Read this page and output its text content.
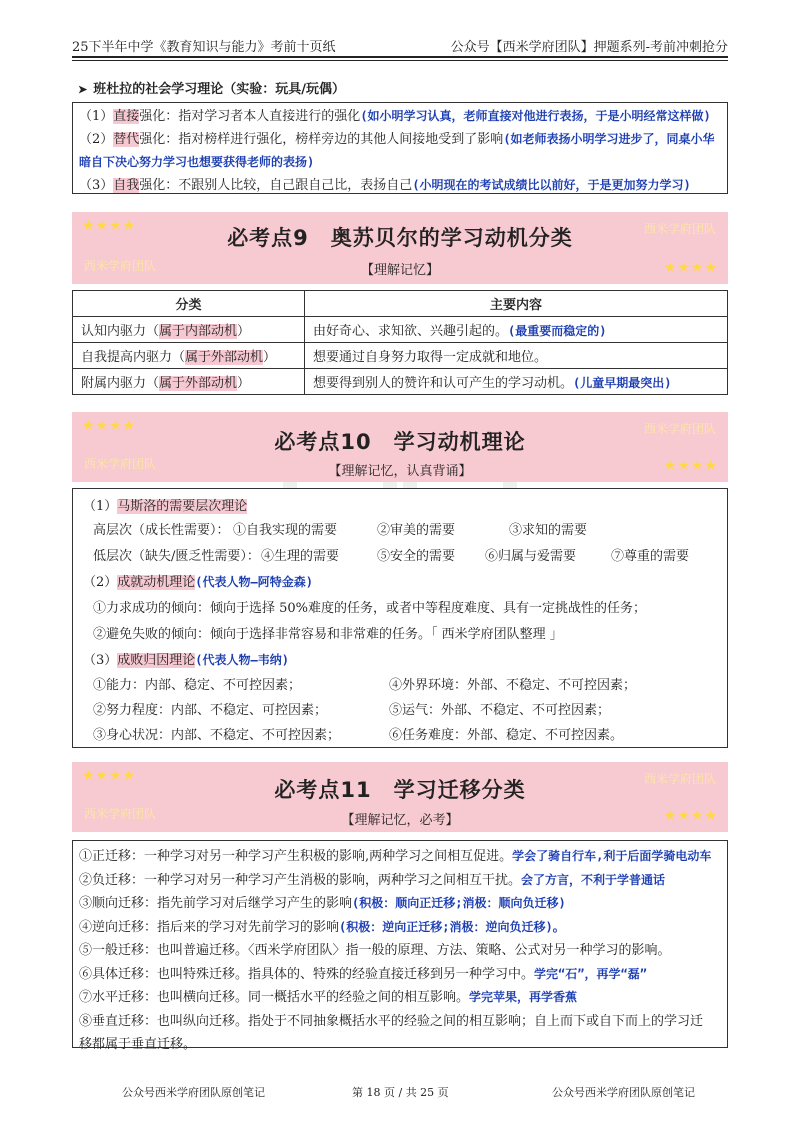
25下半年中学《教育知识与能力》考前十页纸	公众号【西米学府团队】押题系列-考前冲刺抢分
➤ 班杜拉的社会学习理论（实验：玩具/玩偶）
（1）直接强化：指对学习者本人直接进行的强化(如小明学习认真，老师直接对他进行表扬，于是小明经常这样做)
（2）替代强化：指对榜样进行强化，榜样旁边的其他人间接地受到了影响(如老师表扬小明学习进步了，同桌小华暗自下决心努力学习也想要获得老师的表扬)
（3）自我强化：不跟别人比较，自己跟自己比，表扬自己(小明现在的考试成绩比以前好，于是更加努力学习)
★★★★	西米学府团队
必考点9　奥苏贝尔的学习动机分类
【理解记忆】
西米学府团队	★★★★
分类	主要内容
认知内驱力（属于内部动机）	由好奇心、求知欲、兴趣引起的。(最重要而稳定的)
自我提高内驱力（属于外部动机）	想要通过自身努力取得一定成就和地位。
附属内驱力（属于外部动机）	想要得到别人的赞许和认可产生的学习动机。(儿童早期最突出)
★★★★	西米学府团队
必考点10　学习动机理论
【理解记忆，认真背诵】
西米学府团队	★★★★
（1）马斯洛的需要层次理论
高层次（成长性需要）： ①自我实现的需要	②审美的需要	③求知的需要
低层次（缺失/匮乏性需要）： ④生理的需要	⑤安全的需要 ⑥归属与爱需要	⑦尊重的需要
（2）成就动机理论(代表人物—阿特金森)
①力求成功的倾向：倾向于选择 50%难度的任务，或者中等程度难度、具有一定挑战性的任务；
②避免失败的倾向：倾向于选择非常容易和非常难的任务。「 西米学府团队整理 」
（3）成败归因理论(代表人物—韦纳)
①能力：内部、稳定、不可控因素；	④外界环境：外部、不稳定、不可控因素；
②努力程度：内部、不稳定、可控因素；	⑤运气：外部、不稳定、不可控因素；
③身心状况：内部、不稳定、不可控因素；	⑥任务难度：外部、稳定、不可控因素。
★★★★	西米学府团队
必考点11　学习迁移分类
【理解记忆，必考】
西米学府团队	★★★★
①正迁移：一种学习对另一种学习产生积极的影响,两种学习之间相互促进。学会了骑自行车,利于后面学骑电动车
②负迁移：一种学习对另一种学习产生消极的影响，两种学习之间相互干扰。会了方言，不利于学普通话
③顺向迁移：指先前学习对后继学习产生的影响(积极：顺向正迁移;消极：顺向负迁移)
④逆向迁移：指后来的学习对先前学习的影响(积极：逆向正迁移;消极：逆向负迁移)。
⑤一般迁移：也叫普遍迁移。〈西米学府团队〉指一般的原理、方法、策略、公式对另一种学习的影响。
⑥具体迁移：也叫特殊迁移。指具体的、特殊的经验直接迁移到另一种学习中。学完“石”，再学“磊”
⑦水平迁移：也叫横向迁移。同一概括水平的经验之间的相互影响。学完苹果，再学香蕉
⑧垂直迁移：也叫纵向迁移。指处于不同抽象概括水平的经验之间的相互影响；自上而下或自下而上的学习迁
移都属于垂直迁移。
公众号西米学府团队原创笔记	第 18 页 / 共 25 页	公众号西米学府团队原创笔记
